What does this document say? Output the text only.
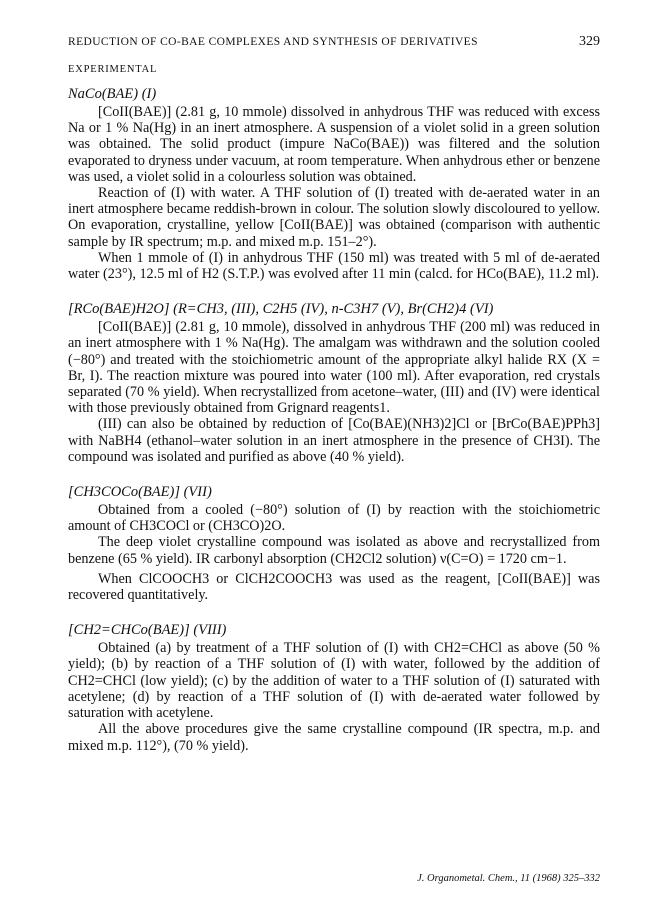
REDUCTION OF CO-BAE COMPLEXES AND SYNTHESIS OF DERIVATIVES	329
EXPERIMENTAL
NaCo(BAE) (I)

[CoII(BAE)] (2.81 g, 10 mmole) dissolved in anhydrous THF was reduced with excess Na or 1 % Na(Hg) in an inert atmosphere. A suspension of a violet solid in a green solution was obtained. The solid product (impure NaCo(BAE)) was filtered and the solution evaporated to dryness under vacuum, at room temperature. When anhydrous ether or benzene was used, a violet solid in a colourless solution was obtained.

Reaction of (I) with water. A THF solution of (I) treated with de-aerated water in an inert atmosphere became reddish-brown in colour. The solution slowly discoloured to yellow. On evaporation, crystalline, yellow [CoII(BAE)] was obtained (comparison with authentic sample by IR spectrum; m.p. and mixed m.p. 151–2°).

When 1 mmole of (I) in anhydrous THF (150 ml) was treated with 5 ml of de-aerated water (23°), 12.5 ml of H2 (S.T.P.) was evolved after 11 min (calcd. for HCo(BAE), 11.2 ml).

[RCo(BAE)H2O] (R=CH3, (III), C2H5 (IV), n-C3H7 (V), Br(CH2)4 (VI)

[CoII(BAE)] (2.81 g, 10 mmole), dissolved in anhydrous THF (200 ml) was reduced in an inert atmosphere with 1 % Na(Hg). The amalgam was withdrawn and the solution cooled (−80°) and treated with the stoichiometric amount of the appropriate alkyl halide RX (X = Br, I). The reaction mixture was poured into water (100 ml). After evaporation, red crystals separated (70 % yield). When recrystallized from acetone–water, (III) and (IV) were identical with those previously obtained from Grignard reagents1.

(III) can also be obtained by reduction of [Co(BAE)(NH3)2]Cl or [BrCo(BAE)PPh3] with NaBH4 (ethanol–water solution in an inert atmosphere in the presence of CH3I). The compound was isolated and purified as above (40 % yield).

[CH3COCo(BAE)] (VII)

Obtained from a cooled (−80°) solution of (I) by reaction with the stoichiometric amount of CH3COCl or (CH3CO)2O.

The deep violet crystalline compound was isolated as above and recrystallized from benzene (65 % yield). IR carbonyl absorption (CH2Cl2 solution) ν(C=O) = 1720 cm−1.

When ClCOOCH3 or ClCH2COOCH3 was used as the reagent, [CoII(BAE)] was recovered quantitatively.

[CH2=CHCo(BAE)] (VIII)

Obtained (a) by treatment of a THF solution of (I) with CH2=CHCl as above (50 % yield); (b) by reaction of a THF solution of (I) with water, followed by the addition of CH2=CHCl (low yield); (c) by the addition of water to a THF solution of (I) saturated with acetylene; (d) by reaction of a THF solution of (I) with de-aerated water followed by saturation with acetylene.

All the above procedures give the same crystalline compound (IR spectra, m.p. and mixed m.p. 112°), (70 % yield).

J. Organometal. Chem., 11 (1968) 325–332
